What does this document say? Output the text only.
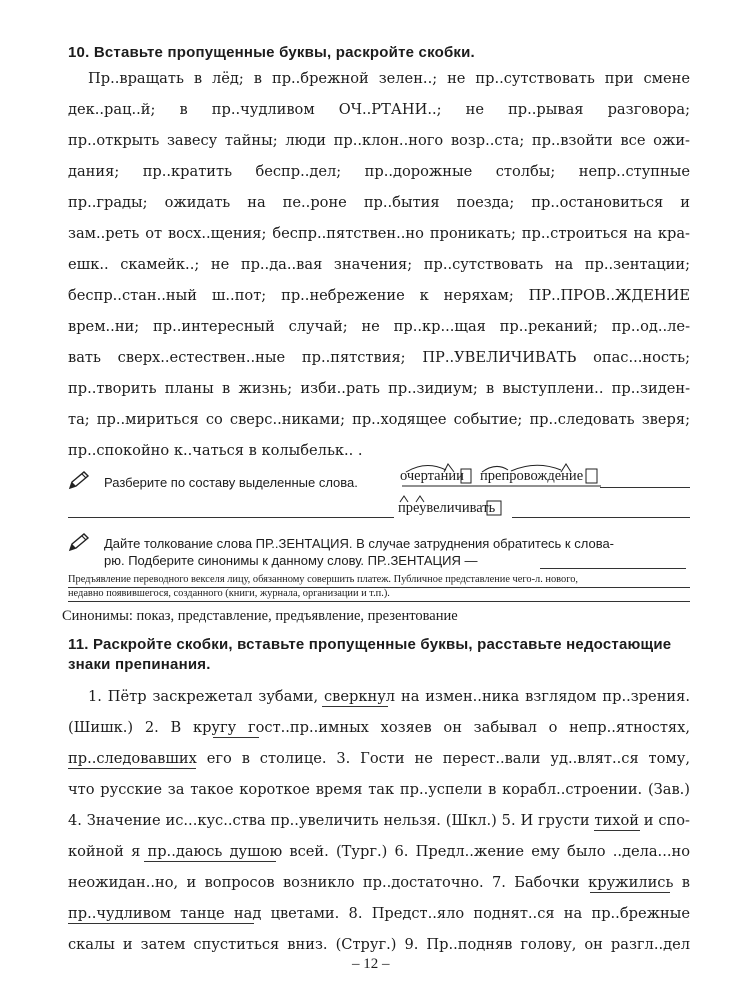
10. Вставьте пропущенные буквы, раскройте скобки.
Пр..вращать в лёд; в пр..брежной зелен..; не пр..сутствовать при смене
дек..рац..й; в пр..чудливом ОЧ..РТАНИ..; не пр..рывая разговора;
пр..открыть завесу тайны; люди пр..клон..ного возр..ста; пр..взойти все ожи-
дания; пр..кратить беспр..дел; пр..дорожные столбы; непр..ступные
пр..грады; ожидать на пе..роне пр..бытия поезда; пр..остановиться и
зам..реть от восх..щения; беспр..пятствен..но проникать; пр..строиться на кра-
ешк.. скамейк..; не пр..да..вая значения; пр..сутствовать на пр..зентации;
беспр..стан..ный ш..пот; пр..небрежение к неряхам; ПР..ПРОВ..ЖДЕНИЕ
врем..ни; пр..интересный случай; не пр..кр...щая пр..реканий; пр..од..ле-
вать сверх..естествен..ные пр..пятствия; ПР..УВЕЛИЧИВАТЬ опас...ность;
пр..творить планы в жизнь; изби..рать пр..зидиум; в выступлени.. пр..зиден-
та; пр..мириться со сверс..никами; пр..ходящее событие; пр..следовать зверя;
пр..спокойно к..чаться в колыбельк.. .
Разберите по составу выделенные слова.	очертании препровождение
преувеличивать
Дайте толкование слова ПР..ЗЕНТАЦИЯ. В случае затруднения обратитесь к слова-
рю. Подберите синонимы к данному слову. ПР..ЗЕНТАЦИЯ —
Предъявление переводного векселя лицу, обязанному совершить платеж. Публичное представление чего-л. нового,
недавно появившегося, созданного (книги, журнала, организации и т.п.).
Синонимы: показ, представление, предъявление, презентование
11. Раскройте скобки, вставьте пропущенные буквы, расставьте недостающие
знаки препинания.
1. Пётр заскрежетал зубами, сверкнул на измен..ника взглядом пр..зрения.
(Шишк.) 2. В кругу гост..пр..имных хозяев он забывал о непр..ятностях,
пр..следовавших его в столице. 3. Гости не перест..вали уд..влят..ся тому,
что русские за такое короткое время так пр..успели в корабл..строении. (Зав.)
4. Значение ис...кус..ства пр..увеличить нельзя. (Шкл.) 5. И грусти тихой и спо-
койной я пр..даюсь душою всей. (Тург.) 6. Предл..жение ему было ..дела...но
неожидан..но, и вопросов возникло пр..достаточно. 7. Бабочки кружились в
пр..чудливом танце над цветами. 8. Предст..яло поднят..ся на пр..брежные
скалы и затем спуститься вниз. (Струг.) 9. Пр..подняв голову, он разгл..дел
– 12 –
